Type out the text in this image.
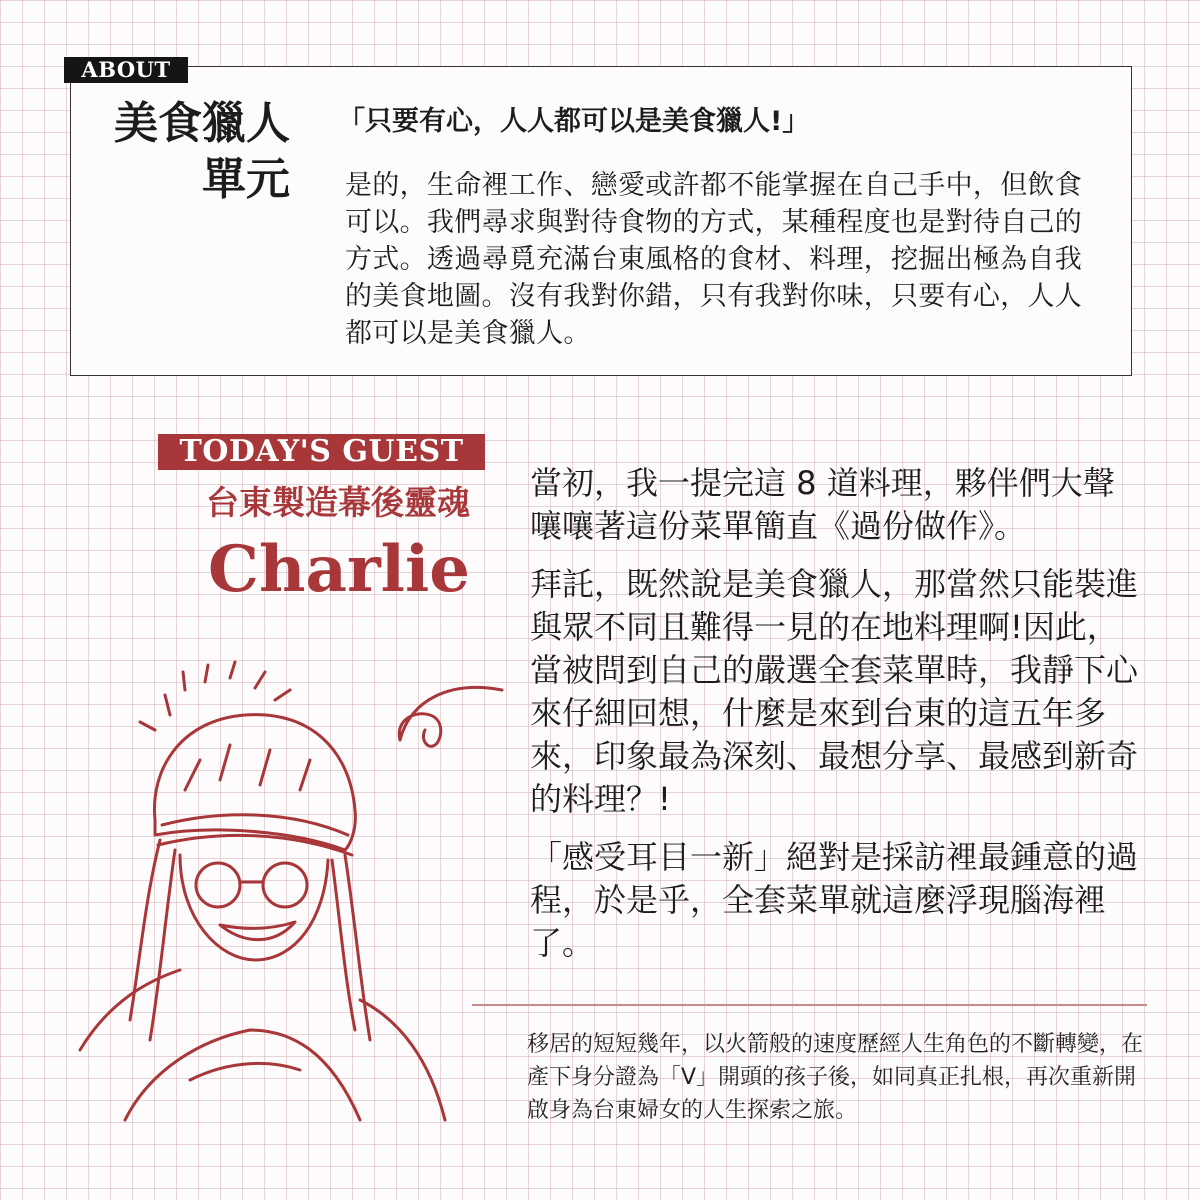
ABOUT
美食獵人
單元
「只要有心，人人都可以是美食獵人!」
是的，生命裡工作、戀愛或許都不能掌握在自己手中，但飲食可以。我們尋求與對待食物的方式，某種程度也是對待自己的方式。透過尋覓充滿台東風格的食材、料理，挖掘出極為自我的美食地圖。沒有我對你錯，只有我對你味，只要有心，人人都可以是美食獵人。
TODAY'S GUEST
台東製造幕後靈魂
Charlie

當初，我一提完這 8 道料理，夥伴們大聲嚷嚷著這份菜單簡直《過份做作》。

拜託，既然說是美食獵人，那當然只能裝進與眾不同且難得一見的在地料理啊!因此，當被問到自己的嚴選全套菜單時，我靜下心來仔細回想，什麼是來到台東的這五年多來，印象最為深刻、最想分享、最感到新奇的料理？!

「感受耳目一新」絕對是採訪裡最鍾意的過程，於是乎，全套菜單就這麼浮現腦海裡了。

移居的短短幾年，以火箭般的速度歷經人生角色的不斷轉變，在產下身分證為「V」開頭的孩子後，如同真正扎根，再次重新開啟身為台東婦女的人生探索之旅。
